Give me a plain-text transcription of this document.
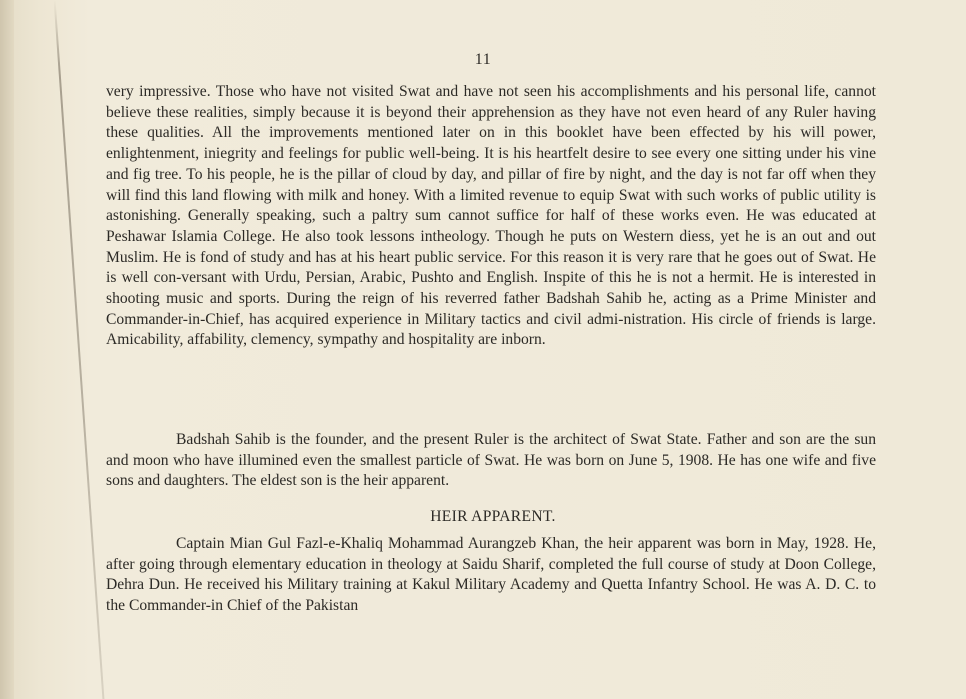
11

very impressive. Those who have not visited Swat and have not seen his accomplishments and his personal life, cannot believe these realities, simply because it is beyond their apprehension as they have not even heard of any Ruler having these qualities. All the improvements mentioned later on in this booklet have been effected by his will power, enlightenment, iniegrity and feelings for public well-being. It is his heartfelt desire to see every one sitting under his vine and fig tree. To his people, he is the pillar of cloud by day, and pillar of fire by night, and the day is not far off when they will find this land flowing with milk and honey. With a limited revenue to equip Swat with such works of public utility is astonishing. Generally speaking, such a paltry sum cannot suffice for half of these works even. He was educated at Peshawar Islamia College. He also took lessons intheology. Though he puts on Western diess, yet he is an out and out Muslim. He is fond of study and has at his heart public service. For this reason it is very rare that he goes out of Swat. He is well con-versant with Urdu, Persian, Arabic, Pushto and English. Inspite of this he is not a hermit. He is interested in shooting music and sports. During the reign of his reverred father Badshah Sahib he, acting as a Prime Minister and Commander-in-Chief, has acquired experience in Military tactics and civil admi-nistration. His circle of friends is large. Amicability, affability, clemency, sympathy and hospitality are inborn.

Badshah Sahib is the founder, and the present Ruler is the architect of Swat State. Father and son are the sun and moon who have illumined even the smallest particle of Swat. He was born on June 5, 1908. He has one wife and five sons and daughters. The eldest son is the heir apparent.

HEIR APPARENT.

Captain Mian Gul Fazl-e-Khaliq Mohammad Aurangzeb Khan, the heir apparent was born in May, 1928. He, after going through elementary education in theology at Saidu Sharif, completed the full course of study at Doon College, Dehra Dun. He received his Military training at Kakul Military Academy and Quetta Infantry School. He was A. D. C. to the Commander-in Chief of the Pakistan
